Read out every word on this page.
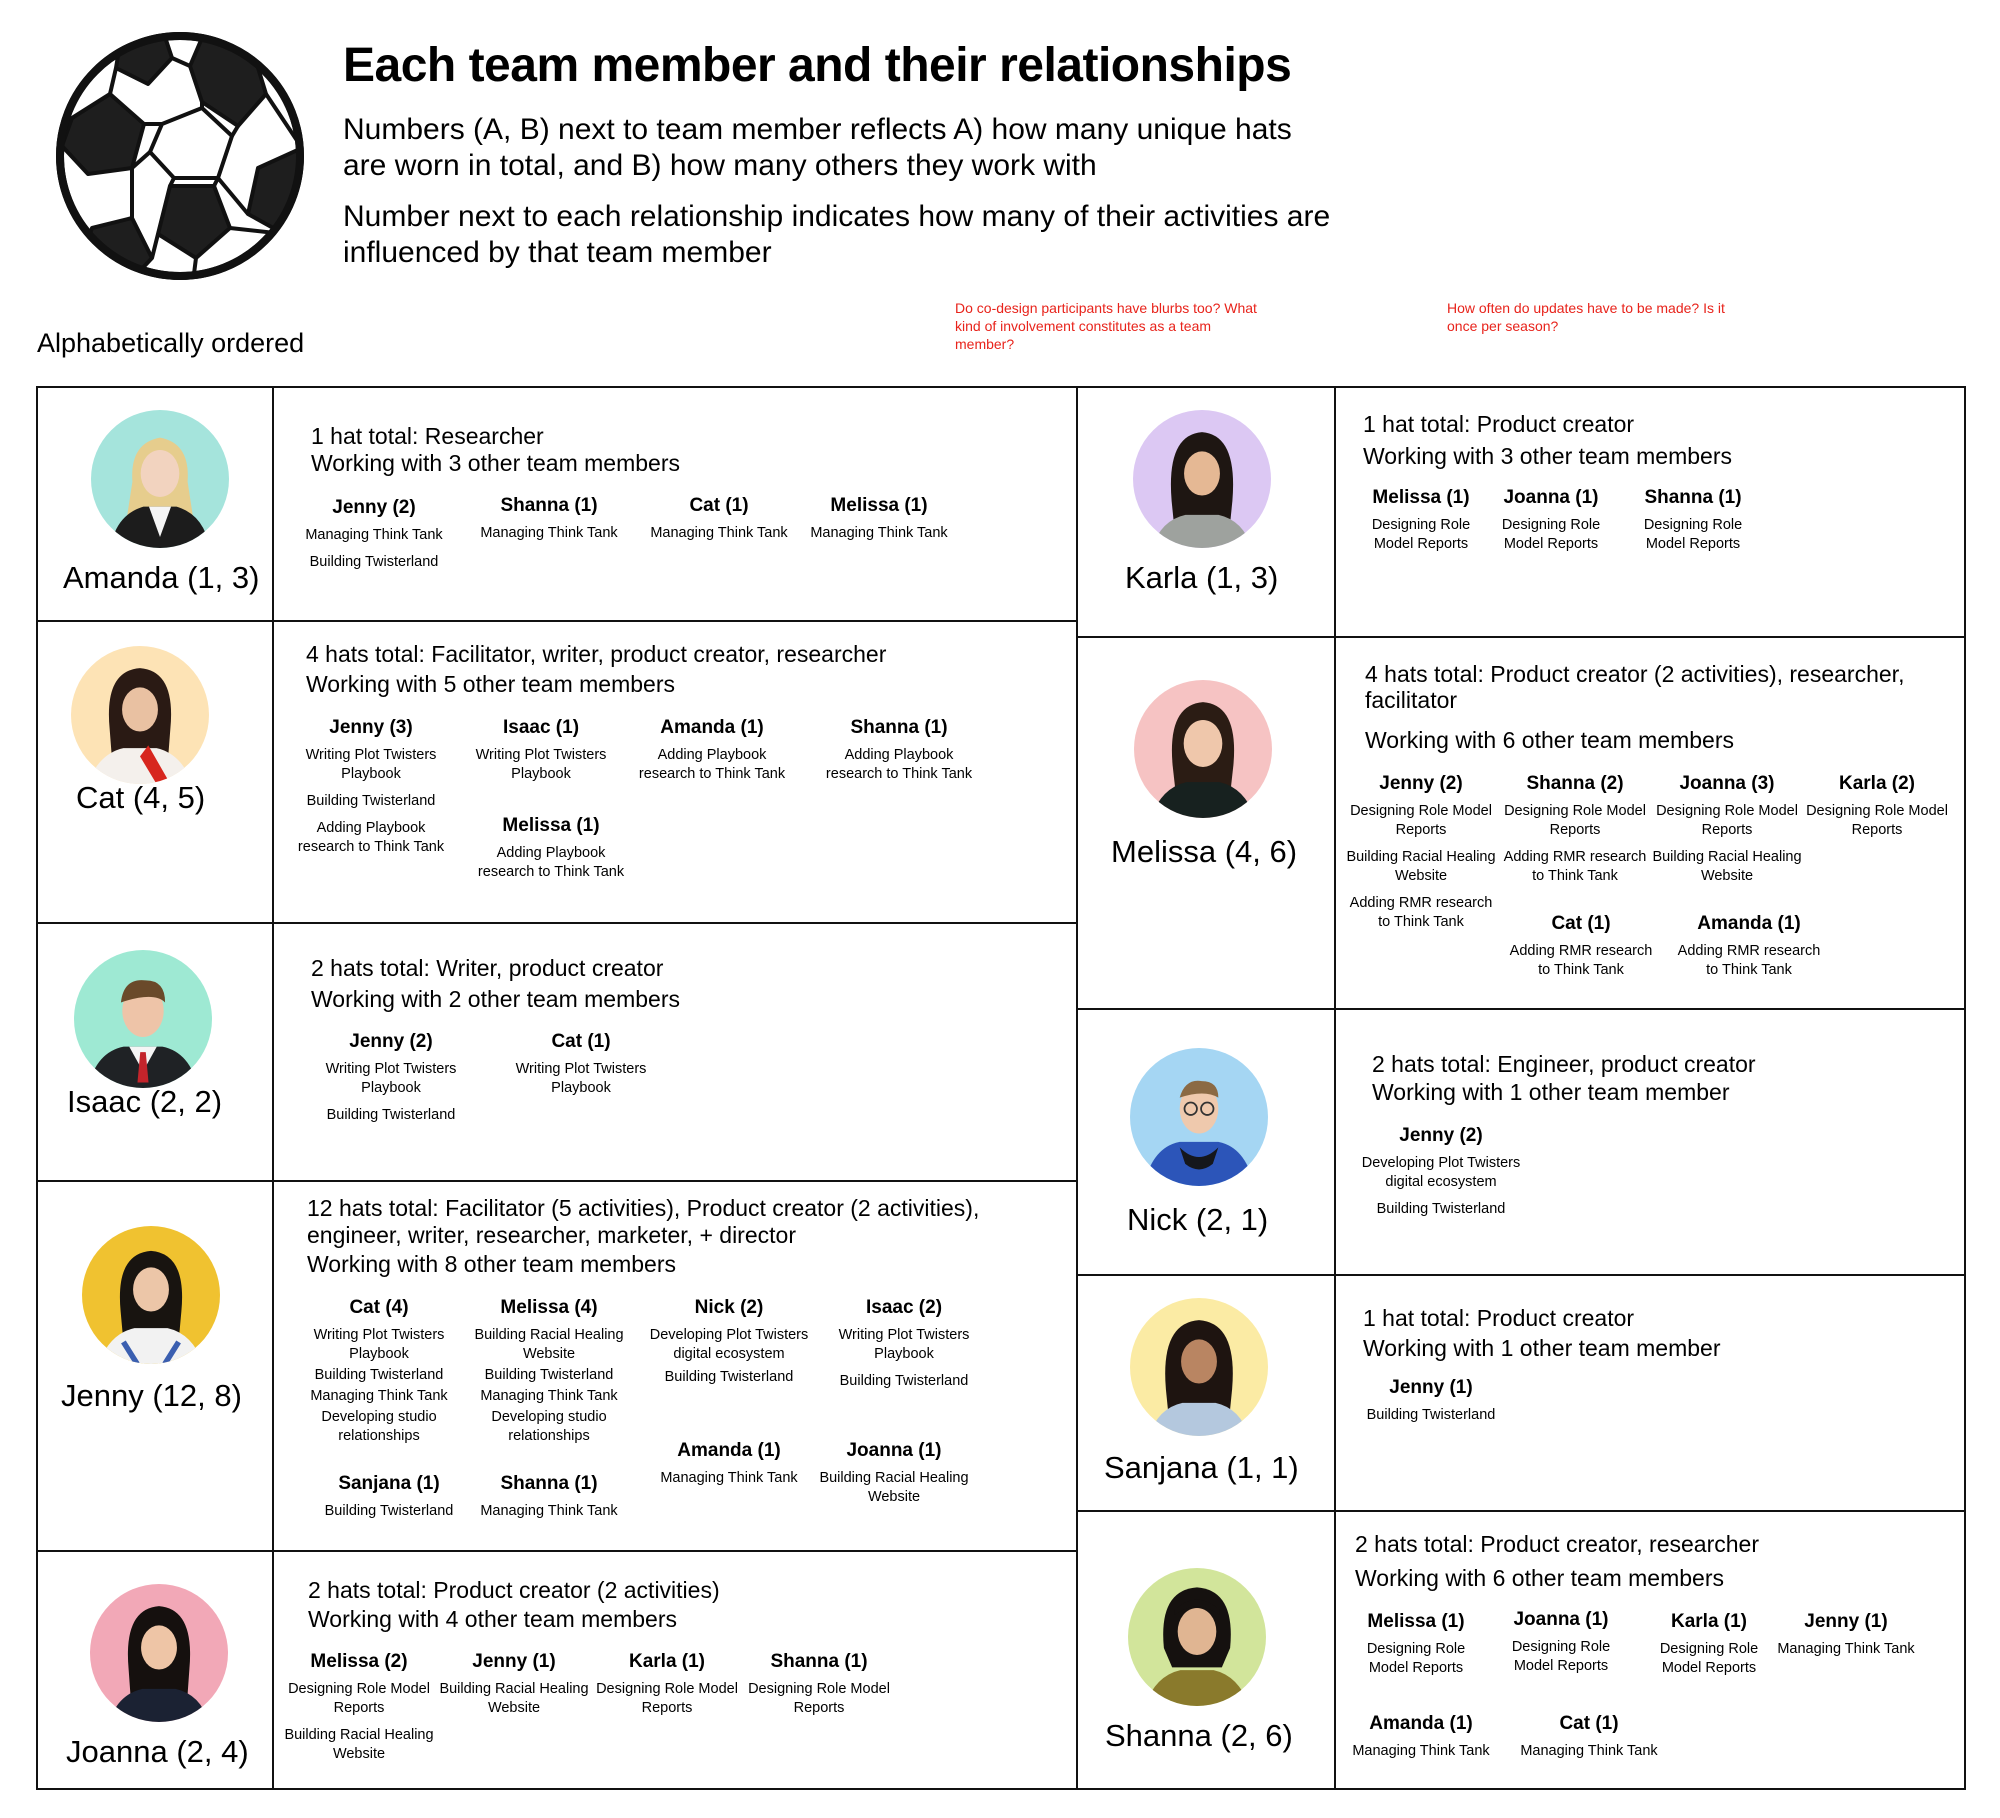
Each team member and their relationships
Numbers (A, B) next to team member reflects A) how many unique hats are worn in total, and B) how many others they work with
Number next to each relationship indicates how many of their activities are influenced by that team member
Do co-design participants have blurbs too? What kind of involvement constitutes as a team member?
How often do updates have to be made? Is it once per season?
Alphabetically ordered
Amanda (1, 3)
1 hat total: Researcher
Working with 3 other team members
Jenny (2)
Managing Think Tank
Building Twisterland
Shanna (1)
Managing Think Tank
Cat (1)
Managing Think Tank
Melissa (1)
Managing Think Tank
Cat (4, 5)
4 hats total: Facilitator, writer, product creator, researcher
Working with 5 other team members
Jenny (3)
Writing Plot Twisters Playbook
Building Twisterland
Adding Playbook research to Think Tank
Isaac (1)
Writing Plot Twisters Playbook
Amanda (1)
Adding Playbook research to Think Tank
Shanna (1)
Adding Playbook research to Think Tank
Melissa (1)
Adding Playbook research to Think Tank
Isaac (2, 2)
2 hats total: Writer, product creator
Working with 2 other team members
Jenny (2)
Writing Plot Twisters Playbook
Building Twisterland
Cat (1)
Writing Plot Twisters Playbook
Jenny (12, 8)
12 hats total: Facilitator (5 activities), Product creator (2 activities),
engineer, writer, researcher, marketer, + director
Working with 8 other team members
Cat (4)
Writing Plot Twisters Playbook
Building Twisterland
Managing Think Tank
Developing studio relationships
Melissa (4)
Building Racial Healing Website
Building Twisterland
Managing Think Tank
Developing studio relationships
Nick (2)
Developing Plot Twisters digital ecosystem
Building Twisterland
Isaac (2)
Writing Plot Twisters Playbook
Building Twisterland
Amanda (1)
Managing Think Tank
Joanna (1)
Building Racial Healing Website
Sanjana (1)
Building Twisterland
Shanna (1)
Managing Think Tank
Joanna (2, 4)
2 hats total: Product creator (2 activities)
Working with 4 other team members
Melissa (2)
Designing Role Model Reports
Building Racial Healing Website
Jenny (1)
Building Racial Healing Website
Karla (1)
Designing Role Model Reports
Shanna (1)
Designing Role Model Reports
Karla (1, 3)
1 hat total: Product creator
Working with 3 other team members
Melissa (1)
Designing Role Model Reports
Joanna (1)
Designing Role Model Reports
Shanna (1)
Designing Role Model Reports
Melissa (4, 6)
4 hats total: Product creator (2 activities), researcher,
facilitator
Working with 6 other team members
Jenny (2)
Designing Role Model Reports
Building Racial Healing Website
Adding RMR research to Think Tank
Shanna (2)
Designing Role Model Reports
Adding RMR research to Think Tank
Joanna (3)
Designing Role Model Reports
Building Racial Healing Website
Karla (2)
Designing Role Model Reports
Cat (1)
Adding RMR research to Think Tank
Amanda (1)
Adding RMR research to Think Tank
Nick (2, 1)
2 hats total: Engineer, product creator
Working with 1 other team member
Jenny (2)
Developing Plot Twisters digital ecosystem
Building Twisterland
Sanjana (1, 1)
1 hat total: Product creator
Working with 1 other team member
Jenny (1)
Building Twisterland
Shanna (2, 6)
2 hats total: Product creator, researcher
Working with 6 other team members
Melissa (1)
Designing Role Model Reports
Joanna (1)
Designing Role Model Reports
Karla (1)
Designing Role Model Reports
Jenny (1)
Managing Think Tank
Amanda (1)
Managing Think Tank
Cat (1)
Managing Think Tank
